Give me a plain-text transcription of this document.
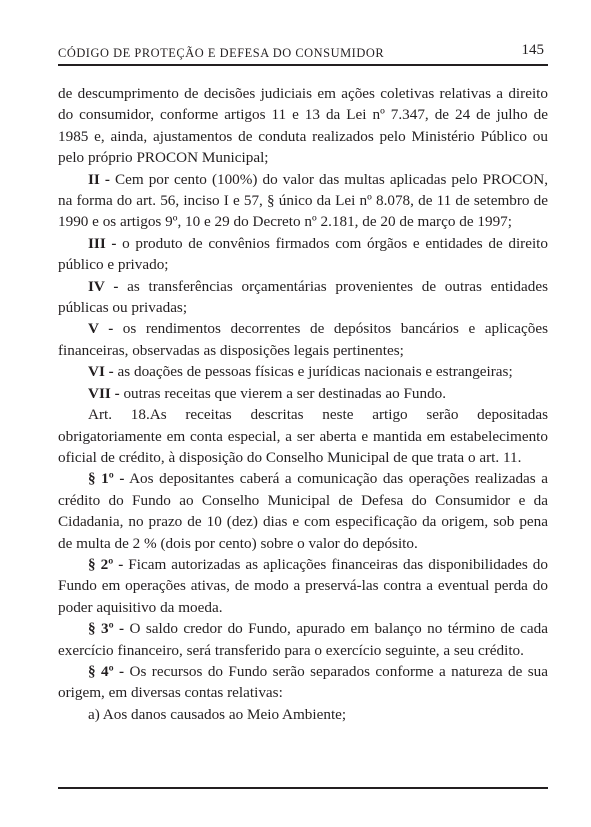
CÓDIGO DE PROTEÇÃO E DEFESA DO CONSUMIDOR	145

de descumprimento de decisões judiciais em ações coletivas relativas a direito do consumidor, conforme artigos 11 e 13 da Lei nº 7.347, de 24 de julho de 1985 e, ainda, ajustamentos de conduta realizados pelo Ministério Público ou pelo próprio PROCON Municipal;

II - Cem por cento (100%) do valor das multas aplicadas pelo PROCON, na forma do art. 56, inciso I e 57, § único da Lei nº 8.078, de 11 de setembro de 1990 e os artigos 9º, 10 e 29 do Decreto nº 2.181, de 20 de março de 1997;

III - o produto de convênios firmados com órgãos e entidades de direito público e privado;

IV - as transferências orçamentárias provenientes de outras entidades públicas ou privadas;

V - os rendimentos decorrentes de depósitos bancários e aplicações financeiras, observadas as disposições legais pertinentes;

VI - as doações de pessoas físicas e jurídicas nacionais e estrangeiras;

VII - outras receitas que vierem a ser destinadas ao Fundo.

Art. 18.As receitas descritas neste artigo serão depositadas obrigatoriamente em conta especial, a ser aberta e mantida em estabelecimento oficial de crédito, à disposição do Conselho Municipal de que trata o art. 11.

§ 1º - Aos depositantes caberá a comunicação das operações realizadas a crédito do Fundo ao Conselho Municipal de Defesa do Consumidor e da Cidadania, no prazo de 10 (dez) dias e com especificação da origem, sob pena de multa de 2 % (dois por cento) sobre o valor do depósito.

§ 2º - Ficam autorizadas as aplicações financeiras das disponibilidades do Fundo em operações ativas, de modo a preservá-las contra a eventual perda do poder aquisitivo da moeda.

§ 3º - O saldo credor do Fundo, apurado em balanço no término de cada exercício financeiro, será transferido para o exercício seguinte, a seu crédito.

§ 4º - Os recursos do Fundo serão separados conforme a natureza de sua origem, em diversas contas relativas:

a) Aos danos causados ao Meio Ambiente;
